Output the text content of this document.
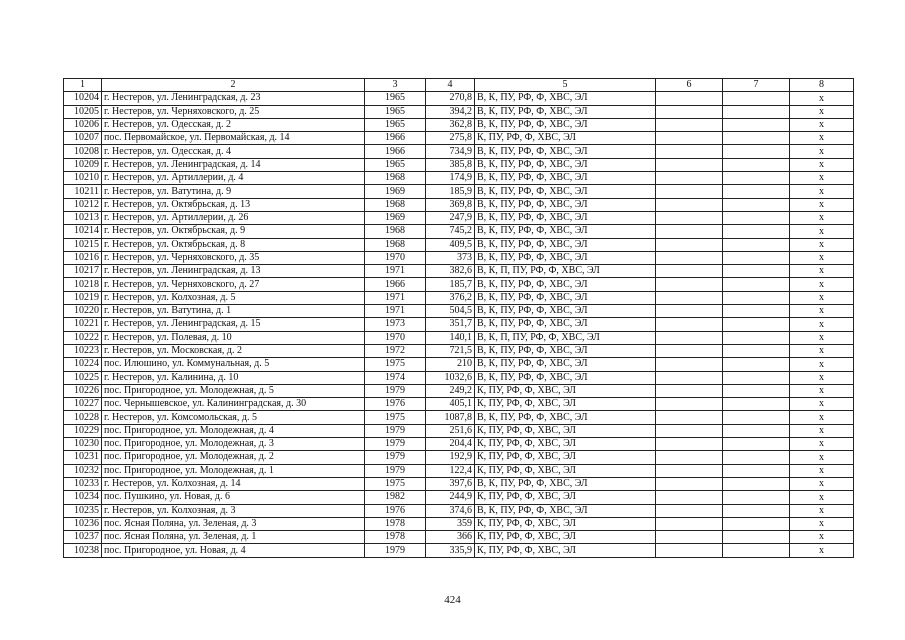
1	2	3	4	5	6	7	8
10204	г. Нестеров, ул. Ленинградская, д. 23	1965	270,8	В, К, ПУ, РФ, Ф, ХВС, ЭЛ			х
10205	г. Нестеров, ул. Черняховского, д. 25	1965	394,2	В, К, ПУ, РФ, Ф, ХВС, ЭЛ			х
10206	г. Нестеров, ул. Одесская, д. 2	1965	362,8	В, К, ПУ, РФ, Ф, ХВС, ЭЛ			х
10207	пос. Первомайское, ул. Первомайская, д. 14	1966	275,8	К, ПУ, РФ, Ф, ХВС, ЭЛ			х
10208	г. Нестеров, ул. Одесская, д. 4	1966	734,9	В, К, ПУ, РФ, Ф, ХВС, ЭЛ			х
10209	г. Нестеров, ул. Ленинградская, д. 14	1965	385,8	В, К, ПУ, РФ, Ф, ХВС, ЭЛ			х
10210	г. Нестеров, ул. Артиллерии, д. 4	1968	174,9	В, К, ПУ, РФ, Ф, ХВС, ЭЛ			х
10211	г. Нестеров, ул. Ватутина, д. 9	1969	185,9	В, К, ПУ, РФ, Ф, ХВС, ЭЛ			х
10212	г. Нестеров, ул. Октябрьская, д. 13	1968	369,8	В, К, ПУ, РФ, Ф, ХВС, ЭЛ			х
10213	г. Нестеров, ул. Артиллерии, д. 26	1969	247,9	В, К, ПУ, РФ, Ф, ХВС, ЭЛ			х
10214	г. Нестеров, ул. Октябрьская, д. 9	1968	745,2	В, К, ПУ, РФ, Ф, ХВС, ЭЛ			х
10215	г. Нестеров, ул. Октябрьская, д. 8	1968	409,5	В, К, ПУ, РФ, Ф, ХВС, ЭЛ			х
10216	г. Нестеров, ул. Черняховского, д. 35	1970	373	В, К, ПУ, РФ, Ф, ХВС, ЭЛ			х
10217	г. Нестеров, ул. Ленинградская, д. 13	1971	382,6	В, К, П, ПУ, РФ, Ф, ХВС, ЭЛ			х
10218	г. Нестеров, ул. Черняховского, д. 27	1966	185,7	В, К, ПУ, РФ, Ф, ХВС, ЭЛ			х
10219	г. Нестеров, ул. Колхозная, д. 5	1971	376,2	В, К, ПУ, РФ, Ф, ХВС, ЭЛ			х
10220	г. Нестеров, ул. Ватутина, д. 1	1971	504,5	В, К, ПУ, РФ, Ф, ХВС, ЭЛ			х
10221	г. Нестеров, ул. Ленинградская, д. 15	1973	351,7	В, К, ПУ, РФ, Ф, ХВС, ЭЛ			х
10222	г. Нестеров, ул. Полевая, д. 10	1970	140,1	В, К, П, ПУ, РФ, Ф, ХВС, ЭЛ			х
10223	г. Нестеров, ул. Московская, д. 2	1972	721,5	В, К, ПУ, РФ, Ф, ХВС, ЭЛ			х
10224	пос. Илюшино, ул. Коммунальная, д. 5	1975	210	В, К, ПУ, РФ, Ф, ХВС, ЭЛ			х
10225	г. Нестеров, ул. Калинина, д. 10	1974	1032,6	В, К, ПУ, РФ, Ф, ХВС, ЭЛ			х
10226	пос. Пригородное, ул. Молодежная, д. 5	1979	249,2	К, ПУ, РФ, Ф, ХВС, ЭЛ			х
10227	пос. Чернышевское, ул. Калининградская, д. 30	1976	405,1	К, ПУ, РФ, Ф, ХВС, ЭЛ			х
10228	г. Нестеров, ул. Комсомольская, д. 5	1975	1087,8	В, К, ПУ, РФ, Ф, ХВС, ЭЛ			х
10229	пос. Пригородное, ул. Молодежная, д. 4	1979	251,6	К, ПУ, РФ, Ф, ХВС, ЭЛ			х
10230	пос. Пригородное, ул. Молодежная, д. 3	1979	204,4	К, ПУ, РФ, Ф, ХВС, ЭЛ			х
10231	пос. Пригородное, ул. Молодежная, д. 2	1979	192,9	К, ПУ, РФ, Ф, ХВС, ЭЛ			х
10232	пос. Пригородное, ул. Молодежная, д. 1	1979	122,4	К, ПУ, РФ, Ф, ХВС, ЭЛ			х
10233	г. Нестеров, ул. Колхозная, д. 14	1975	397,6	В, К, ПУ, РФ, Ф, ХВС, ЭЛ			х
10234	пос. Пушкино, ул. Новая, д. 6	1982	244,9	К, ПУ, РФ, Ф, ХВС, ЭЛ			х
10235	г. Нестеров, ул. Колхозная, д. 3	1976	374,6	В, К, ПУ, РФ, Ф, ХВС, ЭЛ			х
10236	пос. Ясная Поляна, ул. Зеленая, д. 3	1978	359	К, ПУ, РФ, Ф, ХВС, ЭЛ			х
10237	пос. Ясная Поляна, ул. Зеленая, д. 1	1978	366	К, ПУ, РФ, Ф, ХВС, ЭЛ			х
10238	пос. Пригородное, ул. Новая, д. 4	1979	335,9	К, ПУ, РФ, Ф, ХВС, ЭЛ			х
424
